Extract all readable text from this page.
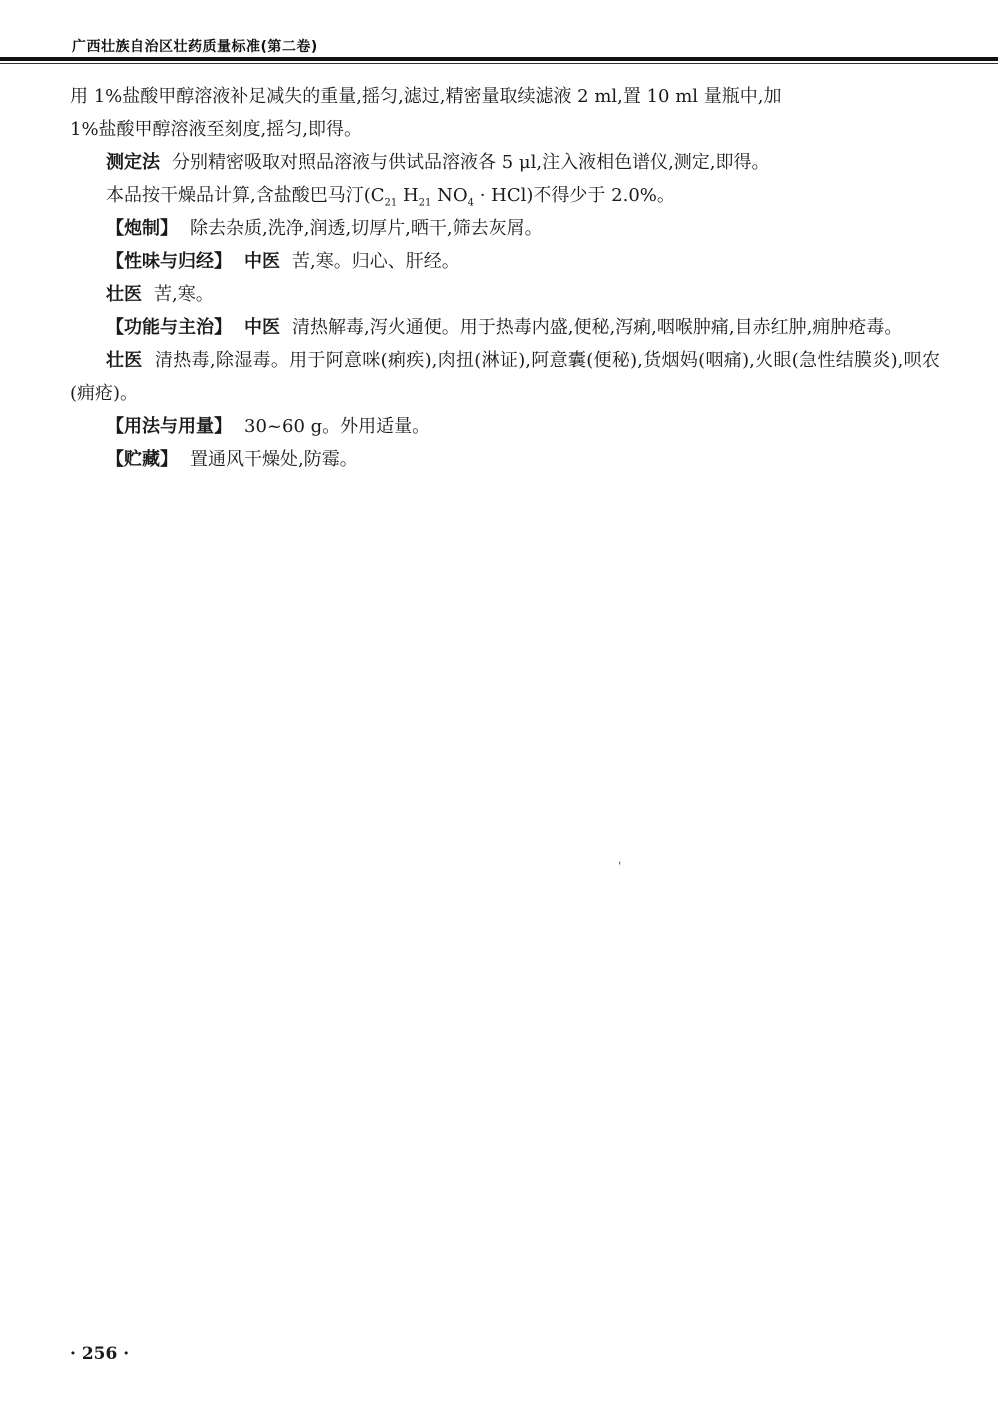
广西壮族自治区壮药质量标准(第二卷)

用 1%盐酸甲醇溶液补足减失的重量,摇匀,滤过,精密量取续滤液 2 ml,置 10 ml 量瓶中,加
1%盐酸甲醇溶液至刻度,摇匀,即得。

测定法 分别精密吸取对照品溶液与供试品溶液各 5 μl,注入液相色谱仪,测定,即得。

本品按干燥品计算,含盐酸巴马汀($C_{21}$ $H_{21}$ $NO_4 \cdot HCl$)不得少于 2.0%。

【炮制】 除去杂质,洗净,润透,切厚片,晒干,筛去灰屑。

【性味与归经】 中医 苦,寒。归心、肝经。

壮医 苦,寒。

【功能与主治】 中医 清热解毒,泻火通便。用于热毒内盛,便秘,泻痢,咽喉肿痛,目赤红肿,痈肿疮毒。

壮医 清热毒,除湿毒。用于阿意咪(痢疾),肉扭(淋证),阿意囊(便秘),货烟妈(咽痛),火眼(急性结膜炎),呗农(痈疮)。

【用法与用量】 30~60 g。外用适量。

【贮藏】 置通风干燥处,防霉。

ˌ
· 256 ·
